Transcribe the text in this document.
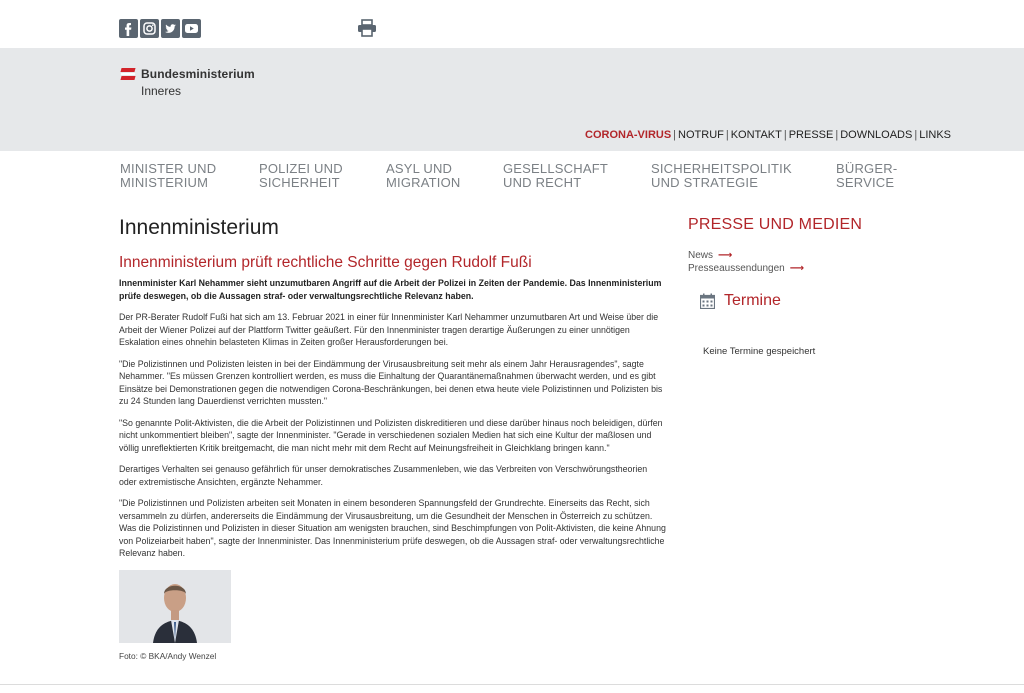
Bundesministerium
Inneres
CORONA-VIRUS | NOTRUF | KONTAKT | PRESSE | DOWNLOADS | LINKS
MINISTER UND
MINISTERIUM
POLIZEI UND
SICHERHEIT
ASYL UND
MIGRATION
GESELLSCHAFT
UND RECHT
SICHERHEITSPOLITIK
UND STRATEGIE
BÜRGER-
SERVICE
Innenministerium
Innenministerium prüft rechtliche Schritte gegen Rudolf Fußi

Innenminister Karl Nehammer sieht unzumutbaren Angriff auf die Arbeit der Polizei in Zeiten der Pandemie. Das Innenministerium prüfe deswegen, ob die Aussagen straf- oder verwaltungsrechtliche Relevanz haben.

Der PR-Berater Rudolf Fußi hat sich am 13. Februar 2021 in einer für Innenminister Karl Nehammer unzumutbaren Art und Weise über die Arbeit der Wiener Polizei auf der Plattform Twitter geäußert. Für den Innenminister tragen derartige Äußerungen zu einer unnötigen Eskalation eines ohnehin belasteten Klimas in Zeiten großer Herausforderungen bei.

"Die Polizistinnen und Polizisten leisten in bei der Eindämmung der Virusausbreitung seit mehr als einem Jahr Herausragendes", sagte Nehammer. "Es müssen Grenzen kontrolliert werden, es muss die Einhaltung der Quarantänemaßnahmen überwacht werden, und es gibt Einsätze bei Demonstrationen gegen die notwendigen Corona-Beschränkungen, bei denen etwa heute viele Polizistinnen und Polizisten bis zu 24 Stunden lang Dauerdienst verrichten mussten."

"So genannte Polit-Aktivisten, die die Arbeit der Polizistinnen und Polizisten diskreditieren und diese darüber hinaus noch beleidigen, dürfen nicht unkommentiert bleiben", sagte der Innenminister. "Gerade in verschiedenen sozialen Medien hat sich eine Kultur der maßlosen und völlig unreflektierten Kritik breitgemacht, die man nicht mehr mit dem Recht auf Meinungsfreiheit in Gleichklang bringen kann."

Derartiges Verhalten sei genauso gefährlich für unser demokratisches Zusammenleben, wie das Verbreiten von Verschwörungstheorien oder extremistische Ansichten, ergänzte Nehammer.

"Die Polizistinnen und Polizisten arbeiten seit Monaten in einem besonderen Spannungsfeld der Grundrechte. Einerseits das Recht, sich versammeln zu dürfen, andererseits die Eindämmung der Virusausbreitung, um die Gesundheit der Menschen in Österreich zu schützen. Was die Polizistinnen und Polizisten in dieser Situation am wenigsten brauchen, sind Beschimpfungen von Polit-Aktivisten, die keine Ahnung von Polizeiarbeit haben", sagte der Innenminister. Das Innenministerium prüfe deswegen, ob die Aussagen straf- oder verwaltungsrechtliche Relevanz haben.

Foto: © BKA/Andy Wenzel
PRESSE UND MEDIEN
News ⟶
Presseaussendungen ⟶
Termine
Keine Termine gespeichert
